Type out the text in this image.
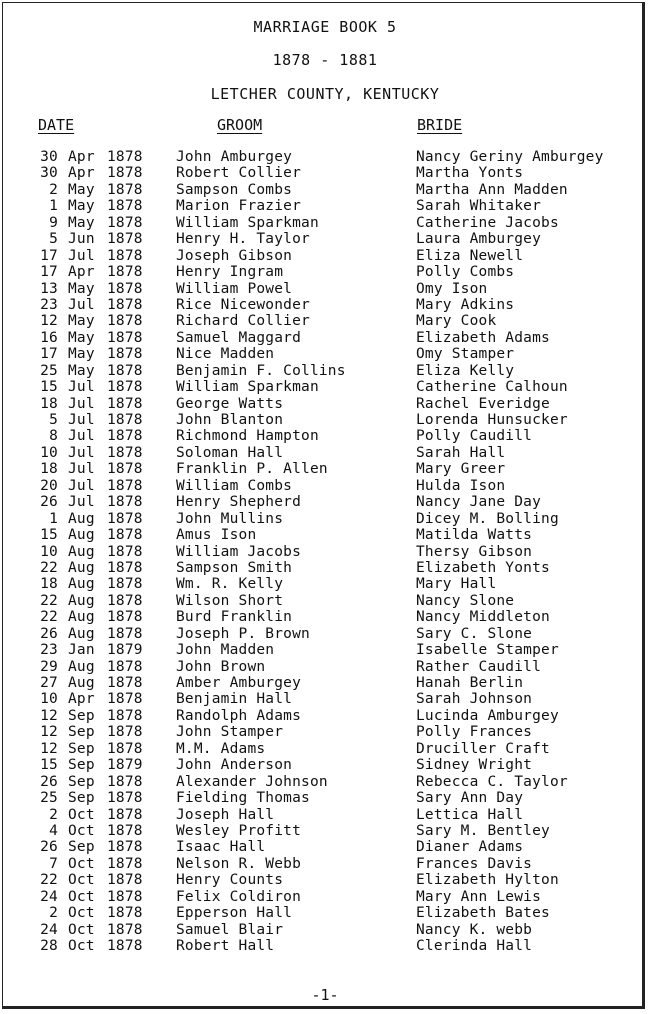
MARRIAGE BOOK 5
1878 - 1881
LETCHER COUNTY, KENTUCKY
DATE	GROOM	BRIDE
30 Apr 1878 John Amburgey	Nancy Geriny Amburgey
30 Apr 1878 Robert Collier	Martha Yonts
2 May 1878 Sampson Combs	Martha Ann Madden
1 May 1878 Marion Frazier	Sarah Whitaker
9 May 1878 William Sparkman	Catherine Jacobs
5 Jun 1878 Henry H. Taylor	Laura Amburgey
17 Jul 1878 Joseph Gibson	Eliza Newell
17 Apr 1878 Henry Ingram	Polly Combs
13 May 1878 William Powel	Omy Ison
23 Jul 1878 Rice Nicewonder	Mary Adkins
12 May 1878 Richard Collier	Mary Cook
16 May 1878 Samuel Maggard	Elizabeth Adams
17 May 1878 Nice Madden	Omy Stamper
25 May 1878 Benjamin F. Collins	Eliza Kelly
15 Jul 1878 William Sparkman	Catherine Calhoun
18 Jul 1878 George Watts	Rachel Everidge
5 Jul 1878 John Blanton	Lorenda Hunsucker
8 Jul 1878 Richmond Hampton	Polly Caudill
10 Jul 1878 Soloman Hall	Sarah Hall
18 Jul 1878 Franklin P. Allen	Mary Greer
20 Jul 1878 William Combs	Hulda Ison
26 Jul 1878 Henry Shepherd	Nancy Jane Day
1 Aug 1878 John Mullins	Dicey M. Bolling
15 Aug 1878 Amus Ison	Matilda Watts
10 Aug 1878 William Jacobs	Thersy Gibson
22 Aug 1878 Sampson Smith	Elizabeth Yonts
18 Aug 1878 Wm. R. Kelly	Mary Hall
22 Aug 1878 Wilson Short	Nancy Slone
22 Aug 1878 Burd Franklin	Nancy Middleton
26 Aug 1878 Joseph P. Brown	Sary C. Slone
23 Jan 1879 John Madden	Isabelle Stamper
29 Aug 1878 John Brown	Rather Caudill
27 Aug 1878 Amber Amburgey	Hanah Berlin
10 Apr 1878 Benjamin Hall	Sarah Johnson
12 Sep 1878 Randolph Adams	Lucinda Amburgey
12 Sep 1878 John Stamper	Polly Frances
12 Sep 1878 M.M. Adams	Druciller Craft
15 Sep 1879 John Anderson	Sidney Wright
26 Sep 1878 Alexander Johnson	Rebecca C. Taylor
25 Sep 1878 Fielding Thomas	Sary Ann Day
2 Oct 1878 Joseph Hall	Lettica Hall
4 Oct 1878 Wesley Profitt	Sary M. Bentley
26 Sep 1878 Isaac Hall	Dianer Adams
7 Oct 1878 Nelson R. Webb	Frances Davis
22 Oct 1878 Henry Counts	Elizabeth Hylton
24 Oct 1878 Felix Coldiron	Mary Ann Lewis
2 Oct 1878 Epperson Hall	Elizabeth Bates
24 Oct 1878 Samuel Blair	Nancy K. webb
28 Oct 1878 Robert Hall	Clerinda Hall
-1-
